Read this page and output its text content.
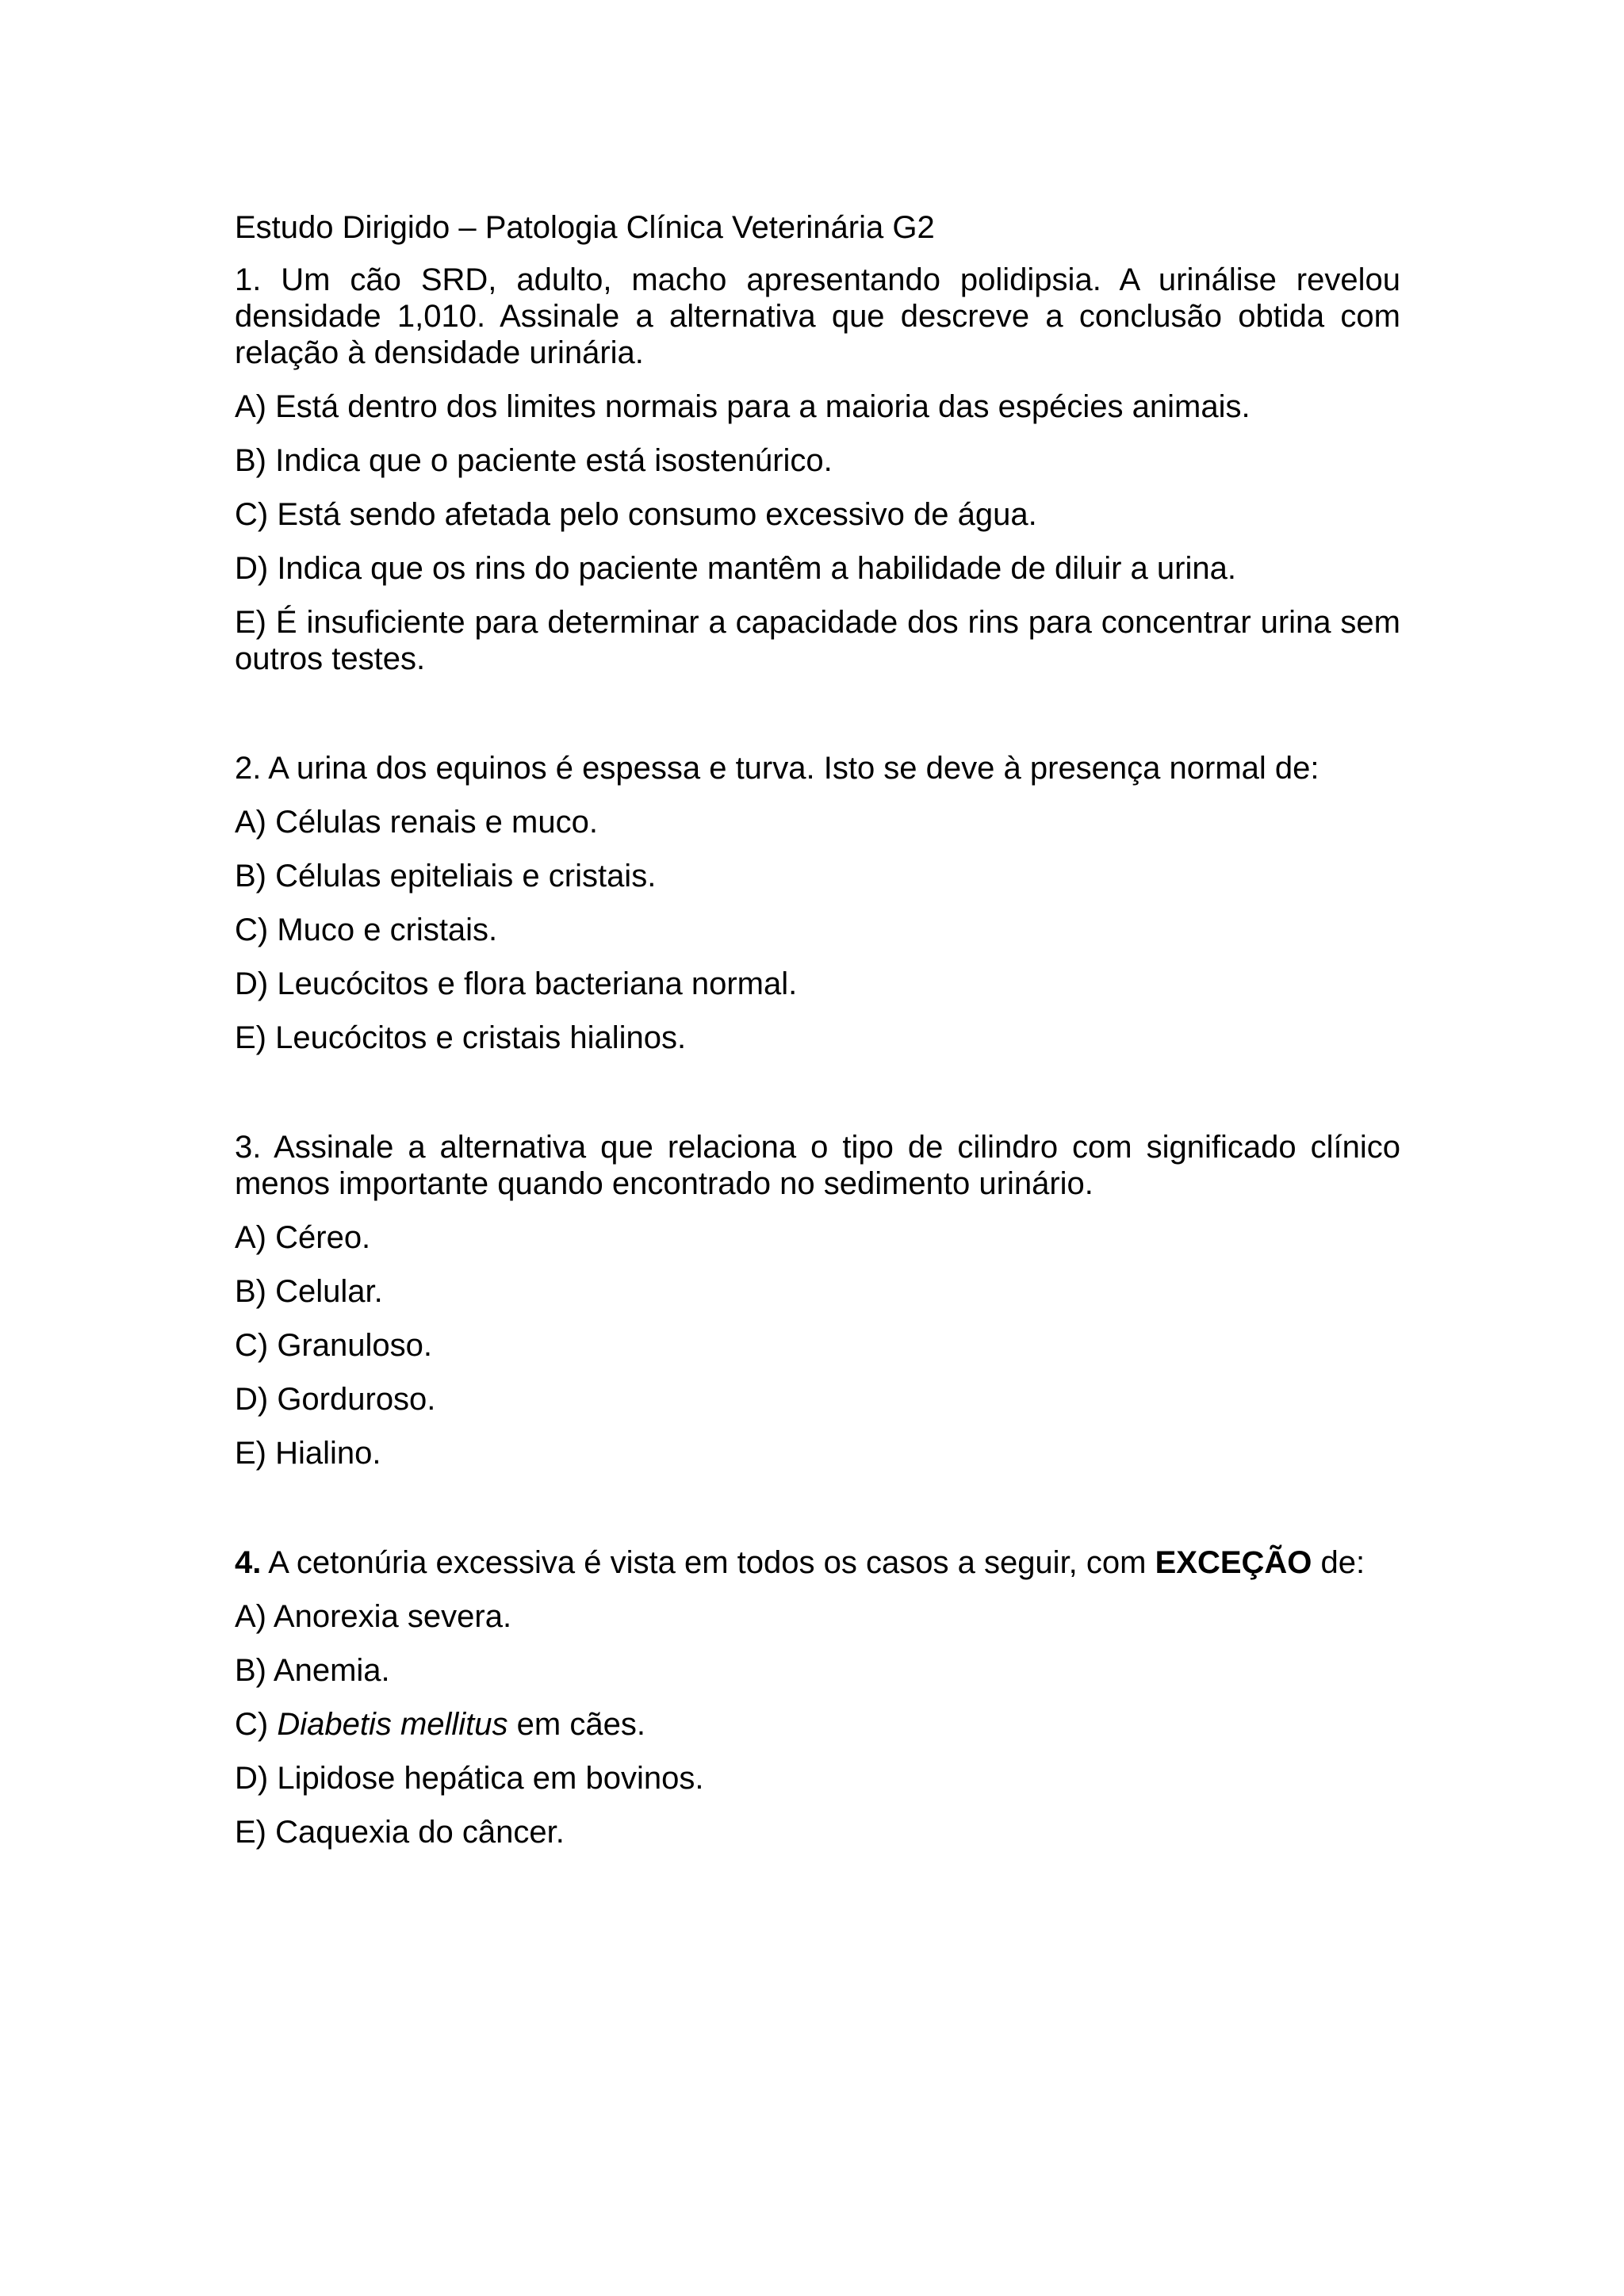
Estudo Dirigido – Patologia Clínica Veterinária G2
1. Um cão SRD, adulto, macho apresentando polidipsia. A urinálise revelou densidade 1,010. Assinale a alternativa que descreve a conclusão obtida com relação à densidade urinária.
A) Está dentro dos limites normais para a maioria das espécies animais.
B) Indica que o paciente está isostenúrico.
C) Está sendo afetada pelo consumo excessivo de água.
D) Indica que os rins do paciente mantêm a habilidade de diluir a urina.
E) É insuficiente para determinar a capacidade dos rins para concentrar urina sem outros testes.
2. A urina dos equinos é espessa e turva. Isto se deve à presença normal de:
A) Células renais e muco.
B) Células epiteliais e cristais.
C) Muco e cristais.
D) Leucócitos e flora bacteriana normal.
E) Leucócitos e cristais hialinos.
3. Assinale a alternativa que relaciona o tipo de cilindro com significado clínico menos importante quando encontrado no sedimento urinário.
A) Céreo.
B) Celular.
C) Granuloso.
D) Gorduroso.
E) Hialino.
4. A cetonúria excessiva é vista em todos os casos a seguir, com EXCEÇÃO de:
A) Anorexia severa.
B) Anemia.
C) Diabetis mellitus em cães.
D) Lipidose hepática em bovinos.
E) Caquexia do câncer.
